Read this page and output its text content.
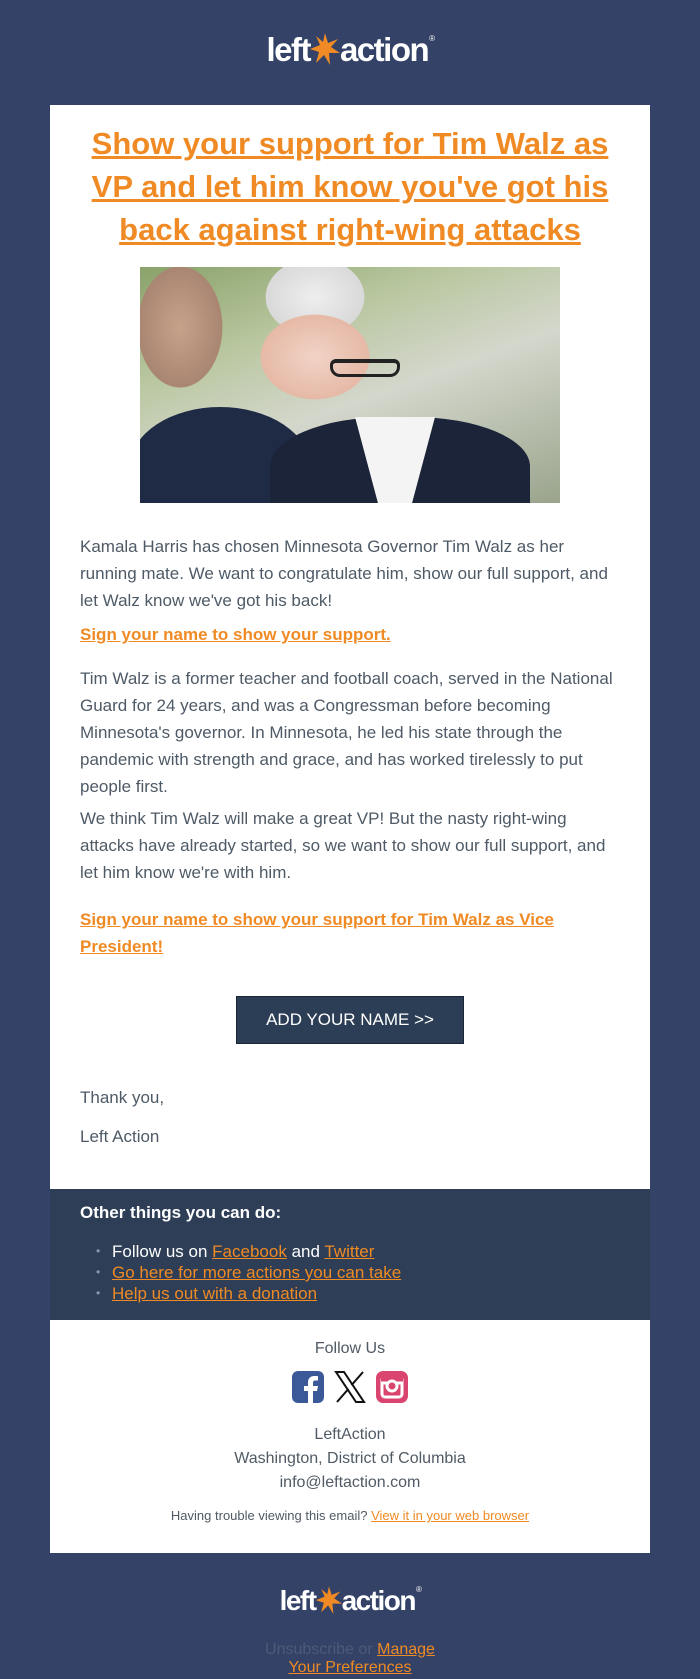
left action ®
Show your support for Tim Walz as VP and let him know you've got his back against right-wing attacks

Kamala Harris has chosen Minnesota Governor Tim Walz as her running mate. We want to congratulate him, show our full support, and let Walz know we've got his back!

Sign your name to show your support.

Tim Walz is a former teacher and football coach, served in the National Guard for 24 years, and was a Congressman before becoming Minnesota's governor. In Minnesota, he led his state through the pandemic with strength and grace, and has worked tirelessly to put people first.

We think Tim Walz will make a great VP! But the nasty right-wing attacks have already started, so we want to show our full support, and let him know we're with him.

Sign your name to show your support for Tim Walz as Vice President!

ADD YOUR NAME >>

Thank you,

Left Action

Other things you can do:
• Follow us on Facebook and Twitter
• Go here for more actions you can take
• Help us out with a donation
Follow Us
LeftAction
Washington, District of Columbia
info@leftaction.com
Having trouble viewing this email? View it in your web browser
left action ®
Unsubscribe or Manage
Your Preferences
